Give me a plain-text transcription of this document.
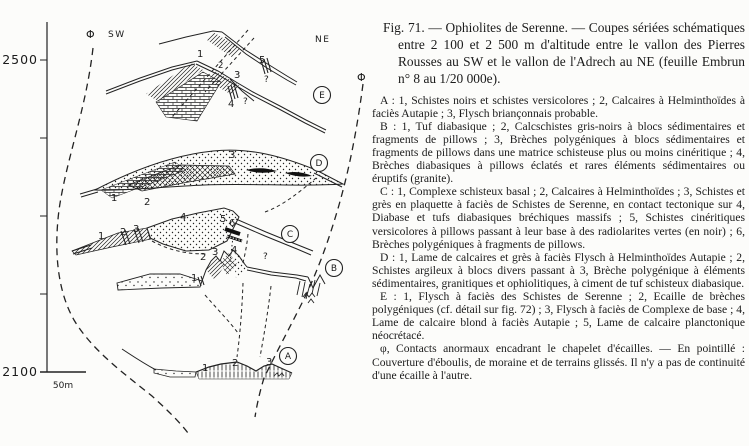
2500
2100
50m
Φ SW	NE
Φ
1
2
3
4
5
?
?
1	2
3
1 2 3
4	5 6
1
2 3 4
?
1 2	3
E
D
C
B
A

Fig. 71. — Ophiolites de Serenne. — Coupes sériées schématiques entre 2 100 et 2 500 m d'altitude entre le vallon des Pierres Rousses au SW et le vallon de l'Adrech au NE (feuille Embrun n° 8 au 1/20 000e).

A : 1, Schistes noirs et schistes versicolores ; 2, Calcaires à Helminthoïdes à faciès Autapie ; 3, Flysch briançonnais probable.

B : 1, Tuf diabasique ; 2, Calcschistes gris-noirs à blocs sédimentaires et fragments de pillows ; 3, Brèches polygéniques à blocs sédimentaires et fragments de pillows dans une matrice schisteuse plus ou moins cinéritique ; 4, Brèches diabasiques à pillows éclatés et rares éléments sédimentaires ou éruptifs (granite).

C : 1, Complexe schisteux basal ; 2, Calcaires à Helminthoïdes ; 3, Schistes et grès en plaquette à faciès de Schistes de Serenne, en contact tectonique sur 4, Diabase et tufs diabasiques bréchiques massifs ; 5, Schistes cinéritiques versicolores à pillows passant à leur base à des radiolarites vertes (en noir) ; 6, Brèches polygéniques à fragments de pillows.

D : 1, Lame de calcaires et grès à faciès Flysch à Helminthoïdes Autapie ; 2, Schistes argileux à blocs divers passant à 3, Brèche polygénique à éléments sédimentaires, granitiques et ophiolitiques, à ciment de tuf schisteux diabasique.

E : 1, Flysch à faciès des Schistes de Serenne ; 2, Ecaille de brèches polygéniques (cf. détail sur fig. 72) ; 3, Flysch à faciès de Complexe de base ; 4, Lame de calcaire blond à faciès Autapie ; 5, Lame de calcaire planctonique néocrétacé.

φ, Contacts anormaux encadrant le chapelet d'écailles. — En pointillé : Couverture d'éboulis, de moraine et de terrains glissés. Il n'y a pas de continuité d'une écaille à l'autre.
